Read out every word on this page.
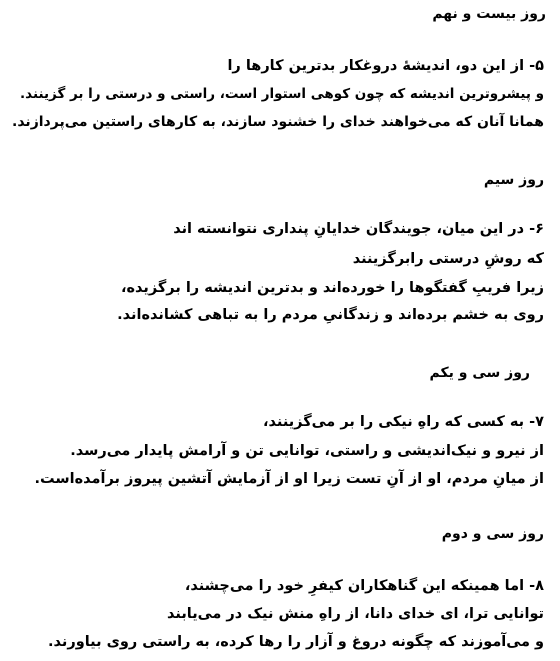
روز بیست و نهم
۵- از این دو، اندیشهٔ دروغکار بدترین کارها را
و پیشروترین اندیشه که چون کوهی استوار است، راستی و درستی را بر گزینند.
همانا آنان که می‌خواهند خدای را خشنود سازند، به کارهای راستین می‌پردازند.
روز سیم
۶- در این میان، جویندگان خدایانِ پنداری نتوانسته اند
که روشِ درستی رابرگزینند
زیرا فریبِ گفتگوها را خورده‌اند و بدترین اندیشه را برگزیده،
روی به خشم برده‌اند و زندگانیِ مردم را به تباهی کشانده‌اند.
روز سی و یکم
۷- به کسی که راهِ نیکی را بر می‌گزینند،
از نیرو و نیک‌اندیشی و راستی، توانایی تن و آرامش پایدار می‌رسد.
از میانِ مردم، او از آنِ تست زیرا او از آزمایش آتشین پیروز برآمده‌است.
روز سی و دوم
۸- اما همینکه این گناهکاران کیفرِ خود را می‌چشند،
توانایی ترا، ای خدای دانا، از راهِ منش نیک در می‌یابند
و می‌آموزند که چگونه دروغ و آزار را رها کرده، به راستی روی بیاورند.
